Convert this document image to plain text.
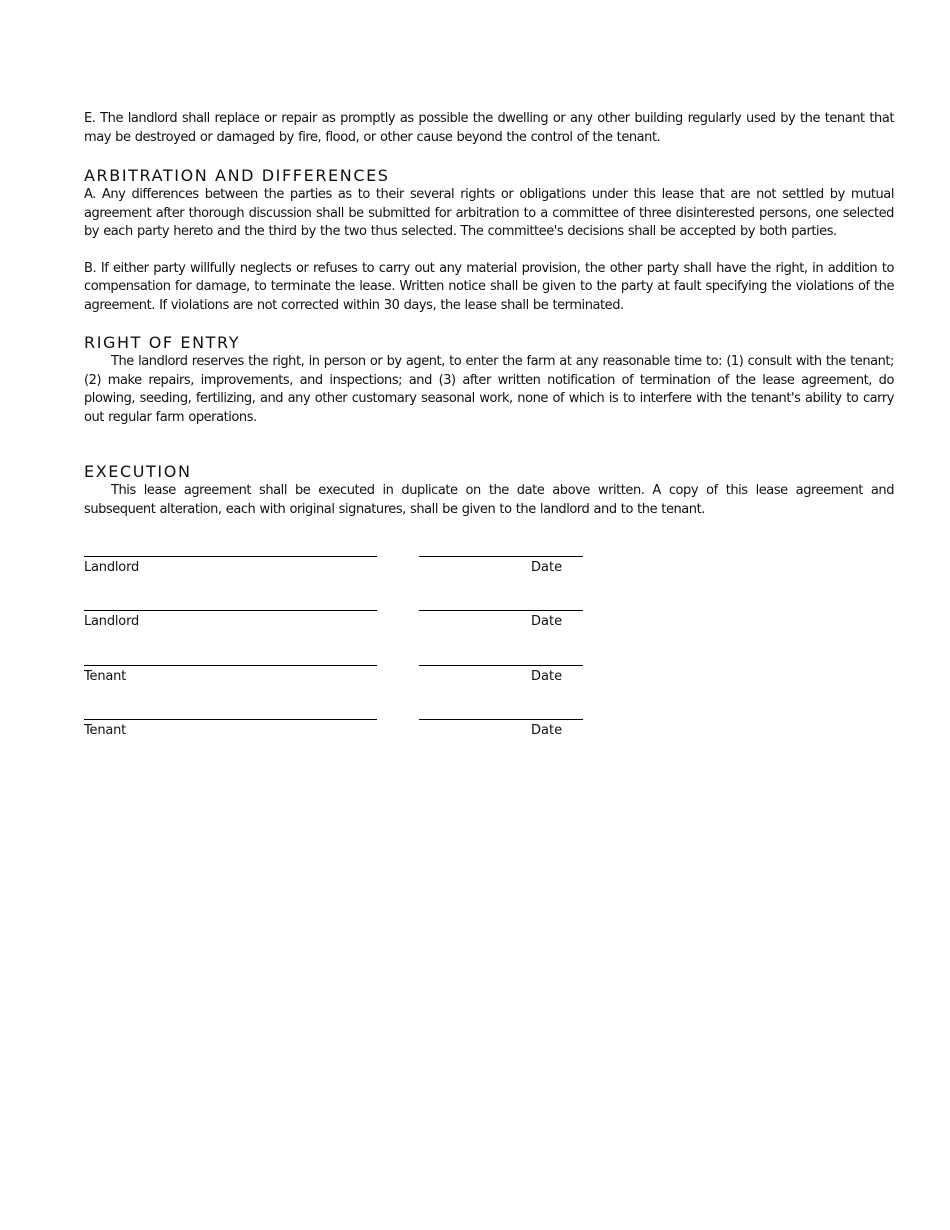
E. The landlord shall replace or repair as promptly as possible the dwelling or any other building regularly used by the tenant that may be destroyed or damaged by fire, flood, or other cause beyond the control of the tenant.

ARBITRATION AND DIFFERENCES

A. Any differences between the parties as to their several rights or obligations under this lease that are not settled by mutual agreement after thorough discussion shall be submitted for arbitration to a committee of three disinterested persons, one selected by each party hereto and the third by the two thus selected. The committee's decisions shall be accepted by both parties.

B. If either party willfully neglects or refuses to carry out any material provision, the other party shall have the right, in addition to compensation for damage, to terminate the lease. Written notice shall be given to the party at fault specifying the violations of the agreement. If violations are not corrected within 30 days, the lease shall be terminated.

RIGHT OF ENTRY

The landlord reserves the right, in person or by agent, to enter the farm at any reasonable time to: (1) consult with the tenant; (2) make repairs, improvements, and inspections; and (3) after written notification of termination of the lease agreement, do plowing, seeding, fertilizing, and any other customary seasonal work, none of which is to interfere with the tenant's ability to carry out regular farm operations.

EXECUTION

This lease agreement shall be executed in duplicate on the date above written. A copy of this lease agreement and subsequent alteration, each with original signatures, shall be given to the landlord and to the tenant.

Landlord	Date
Landlord	Date
Tenant	Date
Tenant	Date
